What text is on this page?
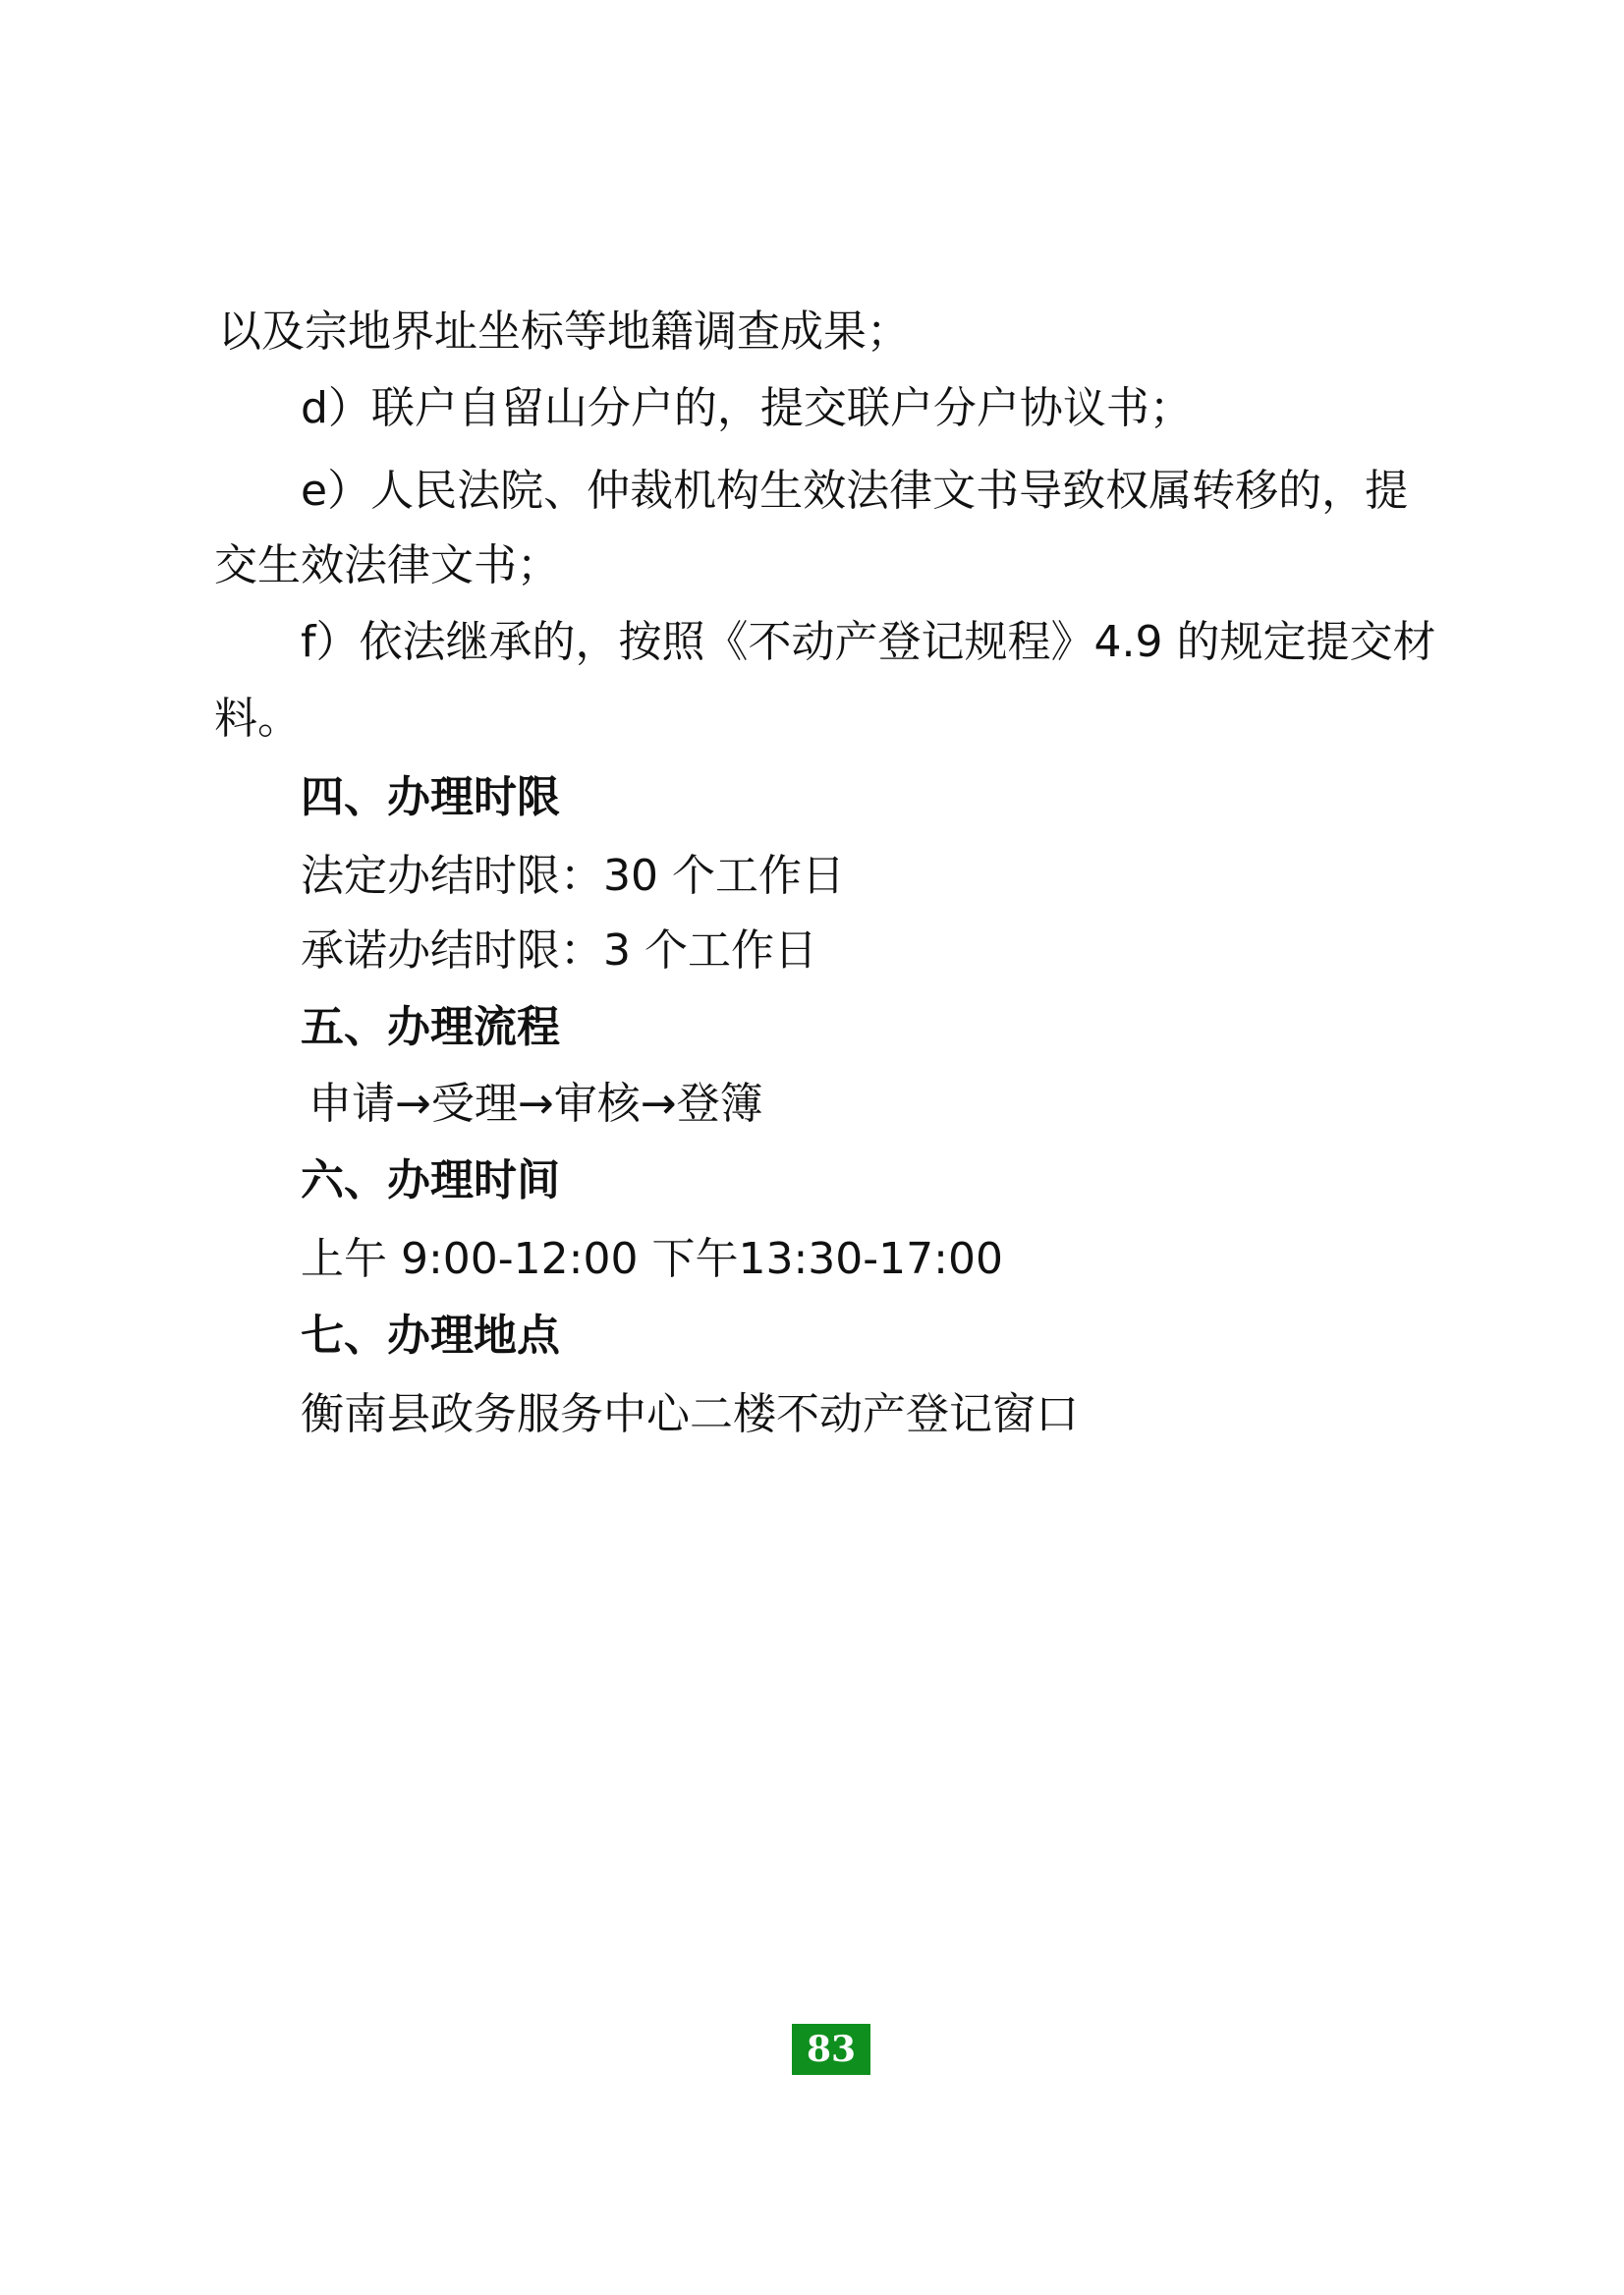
以及宗地界址坐标等地籍调查成果；

d）联户自留山分户的，提交联户分户协议书；

e）人民法院、仲裁机构生效法律文书导致权属转移的，提

交生效法律文书；

f）依法继承的，按照《不动产登记规程》4.9 的规定提交材

料。

四、办理时限

法定办结时限：30 个工作日

承诺办结时限：3 个工作日

五、办理流程

申请→受理→审核→登簿

六、办理时间

上午 9:00-12:00 下午13:30-17:00

七、办理地点

衡南县政务服务中心二楼不动产登记窗口

83
